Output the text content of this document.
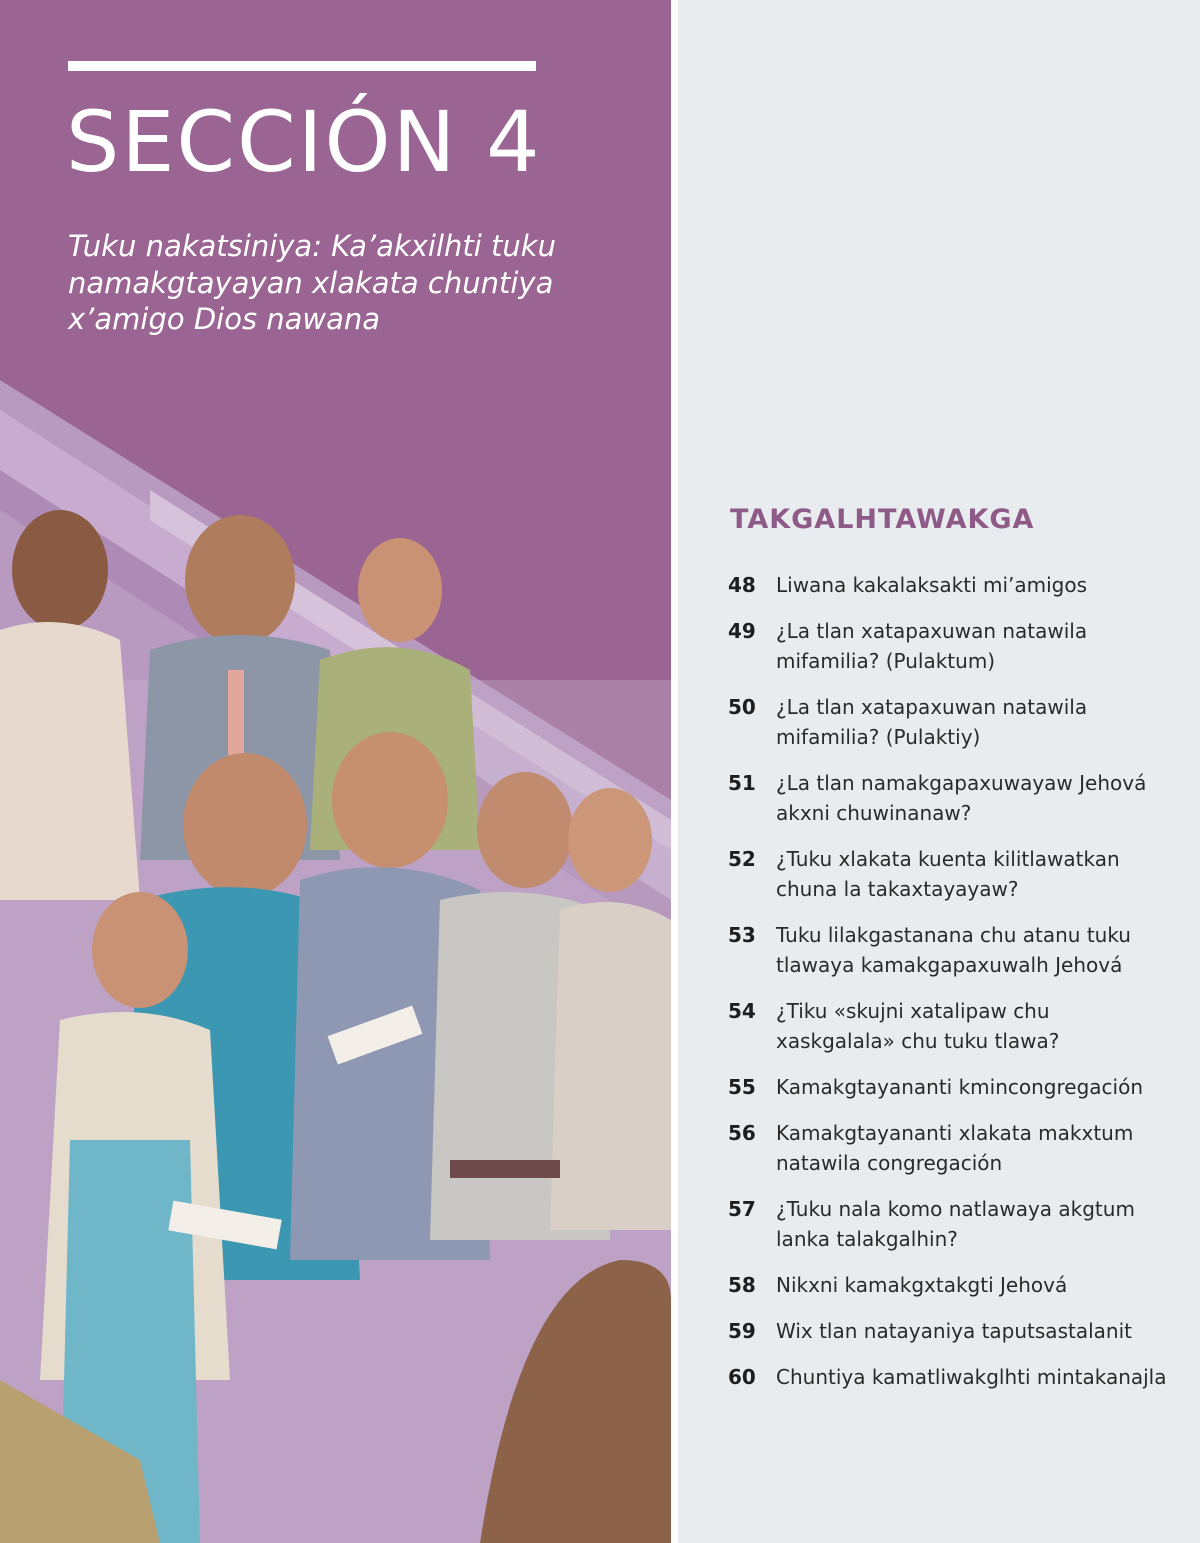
SECCIÓN 4

Tuku nakatsiniya: Ka’akxilhti tuku namakgtayayan xlakata chuntiya x’amigo Dios nawana

TAKGALHTAWAKGA
48	Liwana kakalaksakti mi’amigos
49	¿La tlan xatapaxuwan natawila mifamilia? (Pulaktum)
50	¿La tlan xatapaxuwan natawila mifamilia? (Pulaktiy)
51	¿La tlan namakgapaxuwayaw Jehová akxni chuwinanaw?
52	¿Tuku xlakata kuenta kilitlawatkan chuna la takaxtayayaw?
53	Tuku lilakgastanana chu atanu tuku tlawaya kamakgapaxuwalh Jehová
54	¿Tiku «skujni xatalipaw chu xaskgalala» chu tuku tlawa?
55	Kamakgtayananti kmincongregación
56	Kamakgtayananti xlakata makxtum natawila congregación
57	¿Tuku nala komo natlawaya akgtum lanka talakgalhin?
58	Nikxni kamakgxtakgti Jehová
59	Wix tlan natayaniya taputsastalanit
60	Chuntiya kamatliwakglhti mintakanajla
